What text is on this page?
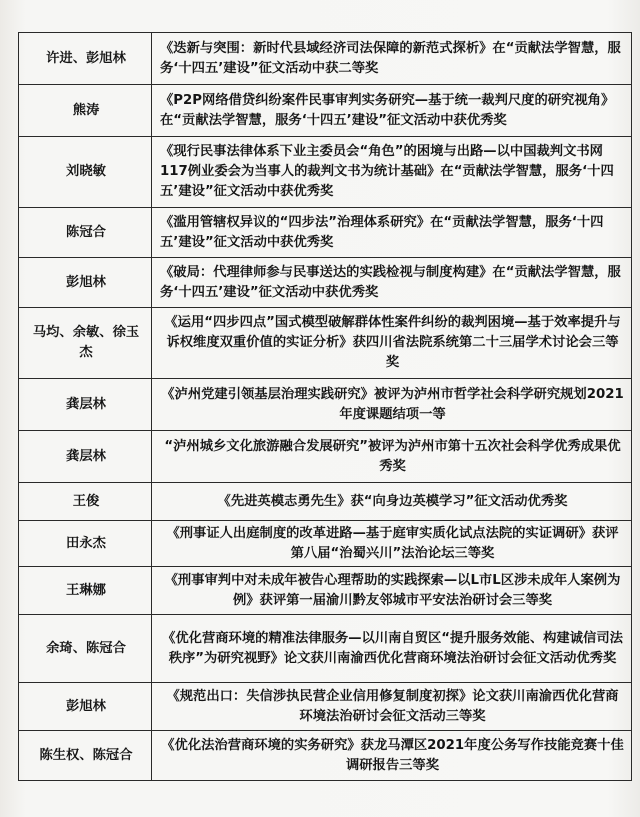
许进、彭旭林	《迭新与突围：新时代县域经济司法保障的新范式探析》在“贡献法学智慧，服务‘十四五’建设”征文活动中获二等奖
熊涛	《P2P网络借贷纠纷案件民事审判实务研究—基于统一裁判尺度的研究视角》在“贡献法学智慧，服务‘十四五’建设”征文活动中获优秀奖
刘晓敏	《现行民事法律体系下业主委员会“角色”的困境与出路—以中国裁判文书网117例业委会为当事人的裁判文书为统计基础》在“贡献法学智慧，服务‘十四五’建设”征文活动中获优秀奖
陈冠合	《滥用管辖权异议的“四步法”治理体系研究》在“贡献法学智慧，服务‘十四五’建设”征文活动中获优秀奖
彭旭林	《破局：代理律师参与民事送达的实践检视与制度构建》在“贡献法学智慧，服务‘十四五’建设”征文活动中获优秀奖
马均、余敏、徐玉杰	《运用“四步四点”国式模型破解群体性案件纠纷的裁判困境—基于效率提升与诉权维度双重价值的实证分析》获四川省法院系统第二十三届学术讨论会三等奖
龚层林	《泸州党建引领基层治理实践研究》被评为泸州市哲学社会科学研究规划2021年度课题结项一等
龚层林	“泸州城乡文化旅游融合发展研究”被评为泸州市第十五次社会科学优秀成果优秀奖
王俊	《先进英模志勇先生》获“向身边英模学习”征文活动优秀奖
田永杰	《刑事证人出庭制度的改革进路—基于庭审实质化试点法院的实证调研》获评第八届“治蜀兴川”法治论坛三等奖
王琳娜	《刑事审判中对未成年被告心理帮助的实践探索—以L市L区涉未成年人案例为例》获评第一届渝川黔友邻城市平安法治研讨会三等奖
余琦、陈冠合	《优化营商环境的精准法律服务—以川南自贸区“提升服务效能、构建诚信司法秩序”为研究视野》论文获川南渝西优化营商环境法治研讨会征文活动优秀奖
彭旭林	《规范出口：失信涉执民营企业信用修复制度初探》论文获川南渝西优化营商环境法治研讨会征文活动三等奖
陈生权、陈冠合	《优化法治营商环境的实务研究》获龙马潭区2021年度公务写作技能竞赛十佳调研报告三等奖
